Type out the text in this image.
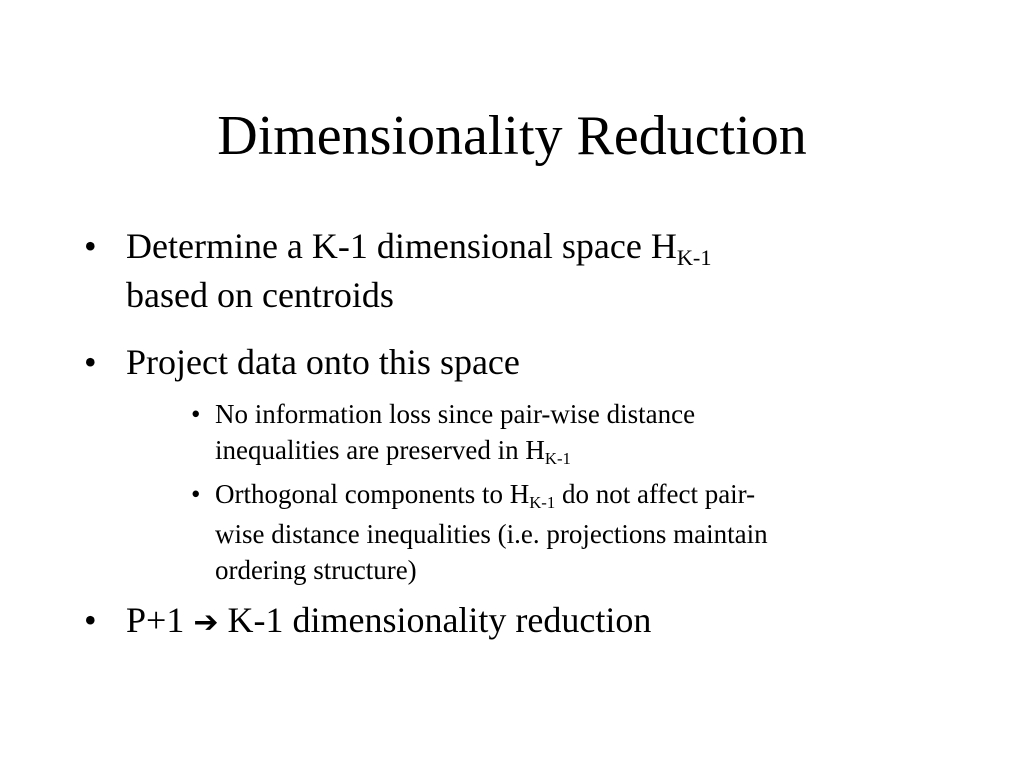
Dimensionality Reduction
• Determine a K-1 dimensional space $H_{K-1}$
based on centroids
• Project data onto this space
• No information loss since pair-wise distance
inequalities are preserved in $H_{K-1}$
• Orthogonal components to $H_{K-1}$ do not affect pair-
wise distance inequalities (i.e. projections maintain
ordering structure)
• P+1 ➔ K-1 dimensionality reduction
